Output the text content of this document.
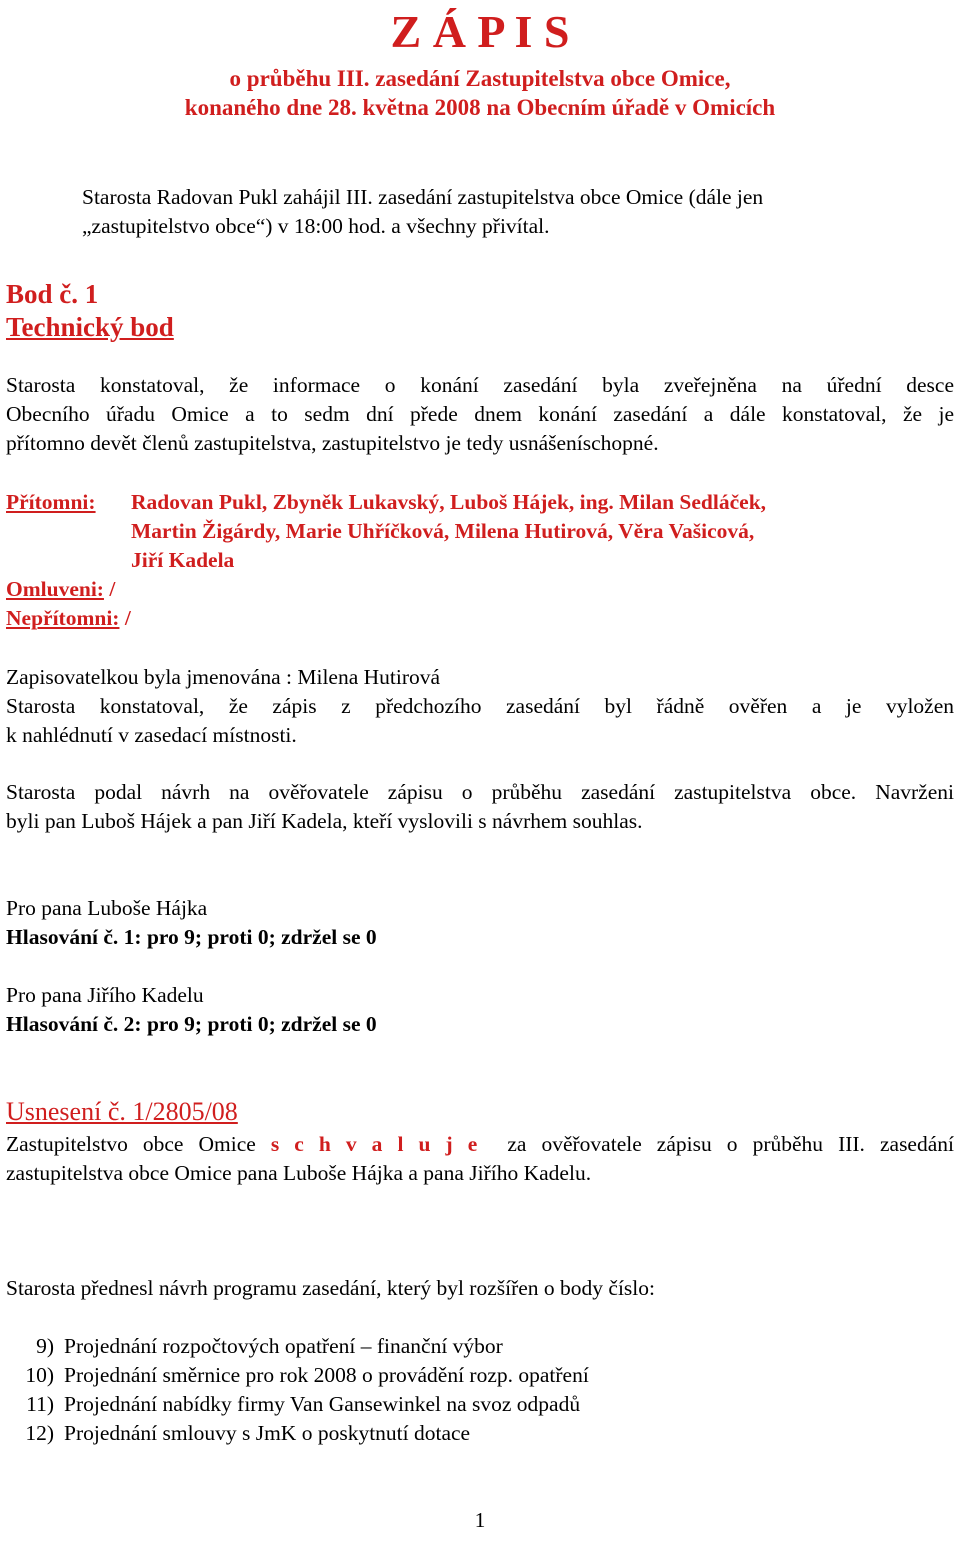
Z Á P I S
o průběhu III. zasedání Zastupitelstva obce Omice,
konaného dne 28. května 2008 na Obecním úřadě v Omicích
Starosta Radovan Pukl zahájil III. zasedání zastupitelstva obce Omice (dále jen
„zastupitelstvo obce“) v 18:00 hod. a všechny přivítal.
Bod č. 1
Technický bod

Starosta konstatoval, že informace o konání zasedání byla zveřejněna na úřední desce

Obecního úřadu Omice a to sedm dní přede dnem konání zasedání a dále konstatoval, že je

přítomno devět členů zastupitelstva, zastupitelstvo je tedy usnášeníschopné.

Přítomni: Radovan Pukl, Zbyněk Lukavský, Luboš Hájek, ing. Milan Sedláček,
Martin Žigárdy, Marie Uhříčková, Milena Hutirová, Věra Vašicová,
Jiří Kadela
Omluveni: /
Nepřítomni: /

Zapisovatelkou byla jmenována : Milena Hutirová

Starosta konstatoval, že zápis z předchozího zasedání byl řádně ověřen a je vyložen

k nahlédnutí v zasedací místnosti.

Starosta podal návrh na ověřovatele zápisu o průběhu zasedání zastupitelstva obce. Navrženi

byli pan Luboš Hájek a pan Jiří Kadela, kteří vyslovili s návrhem souhlas.

Pro pana Luboše Hájka
Hlasování č. 1: pro 9; proti 0; zdržel se 0
Pro pana Jiřího Kadelu
Hlasování č. 2: pro 9; proti 0; zdržel se 0
Usnesení č. 1/2805/08

Zastupitelstvo obce Omice s c h v a l u j e  za ověřovatele zápisu o průběhu III. zasedání

zastupitelstva obce Omice pana Luboše Hájka a pana Jiřího Kadelu.

Starosta přednesl návrh programu zasedání, který byl rozšířen o body číslo:
9) Projednání rozpočtových opatření – finanční výbor
10) Projednání směrnice pro rok 2008 o provádění rozp. opatření
11) Projednání nabídky firmy Van Gansewinkel na svoz odpadů
12) Projednání smlouvy s JmK o poskytnutí dotace
1
